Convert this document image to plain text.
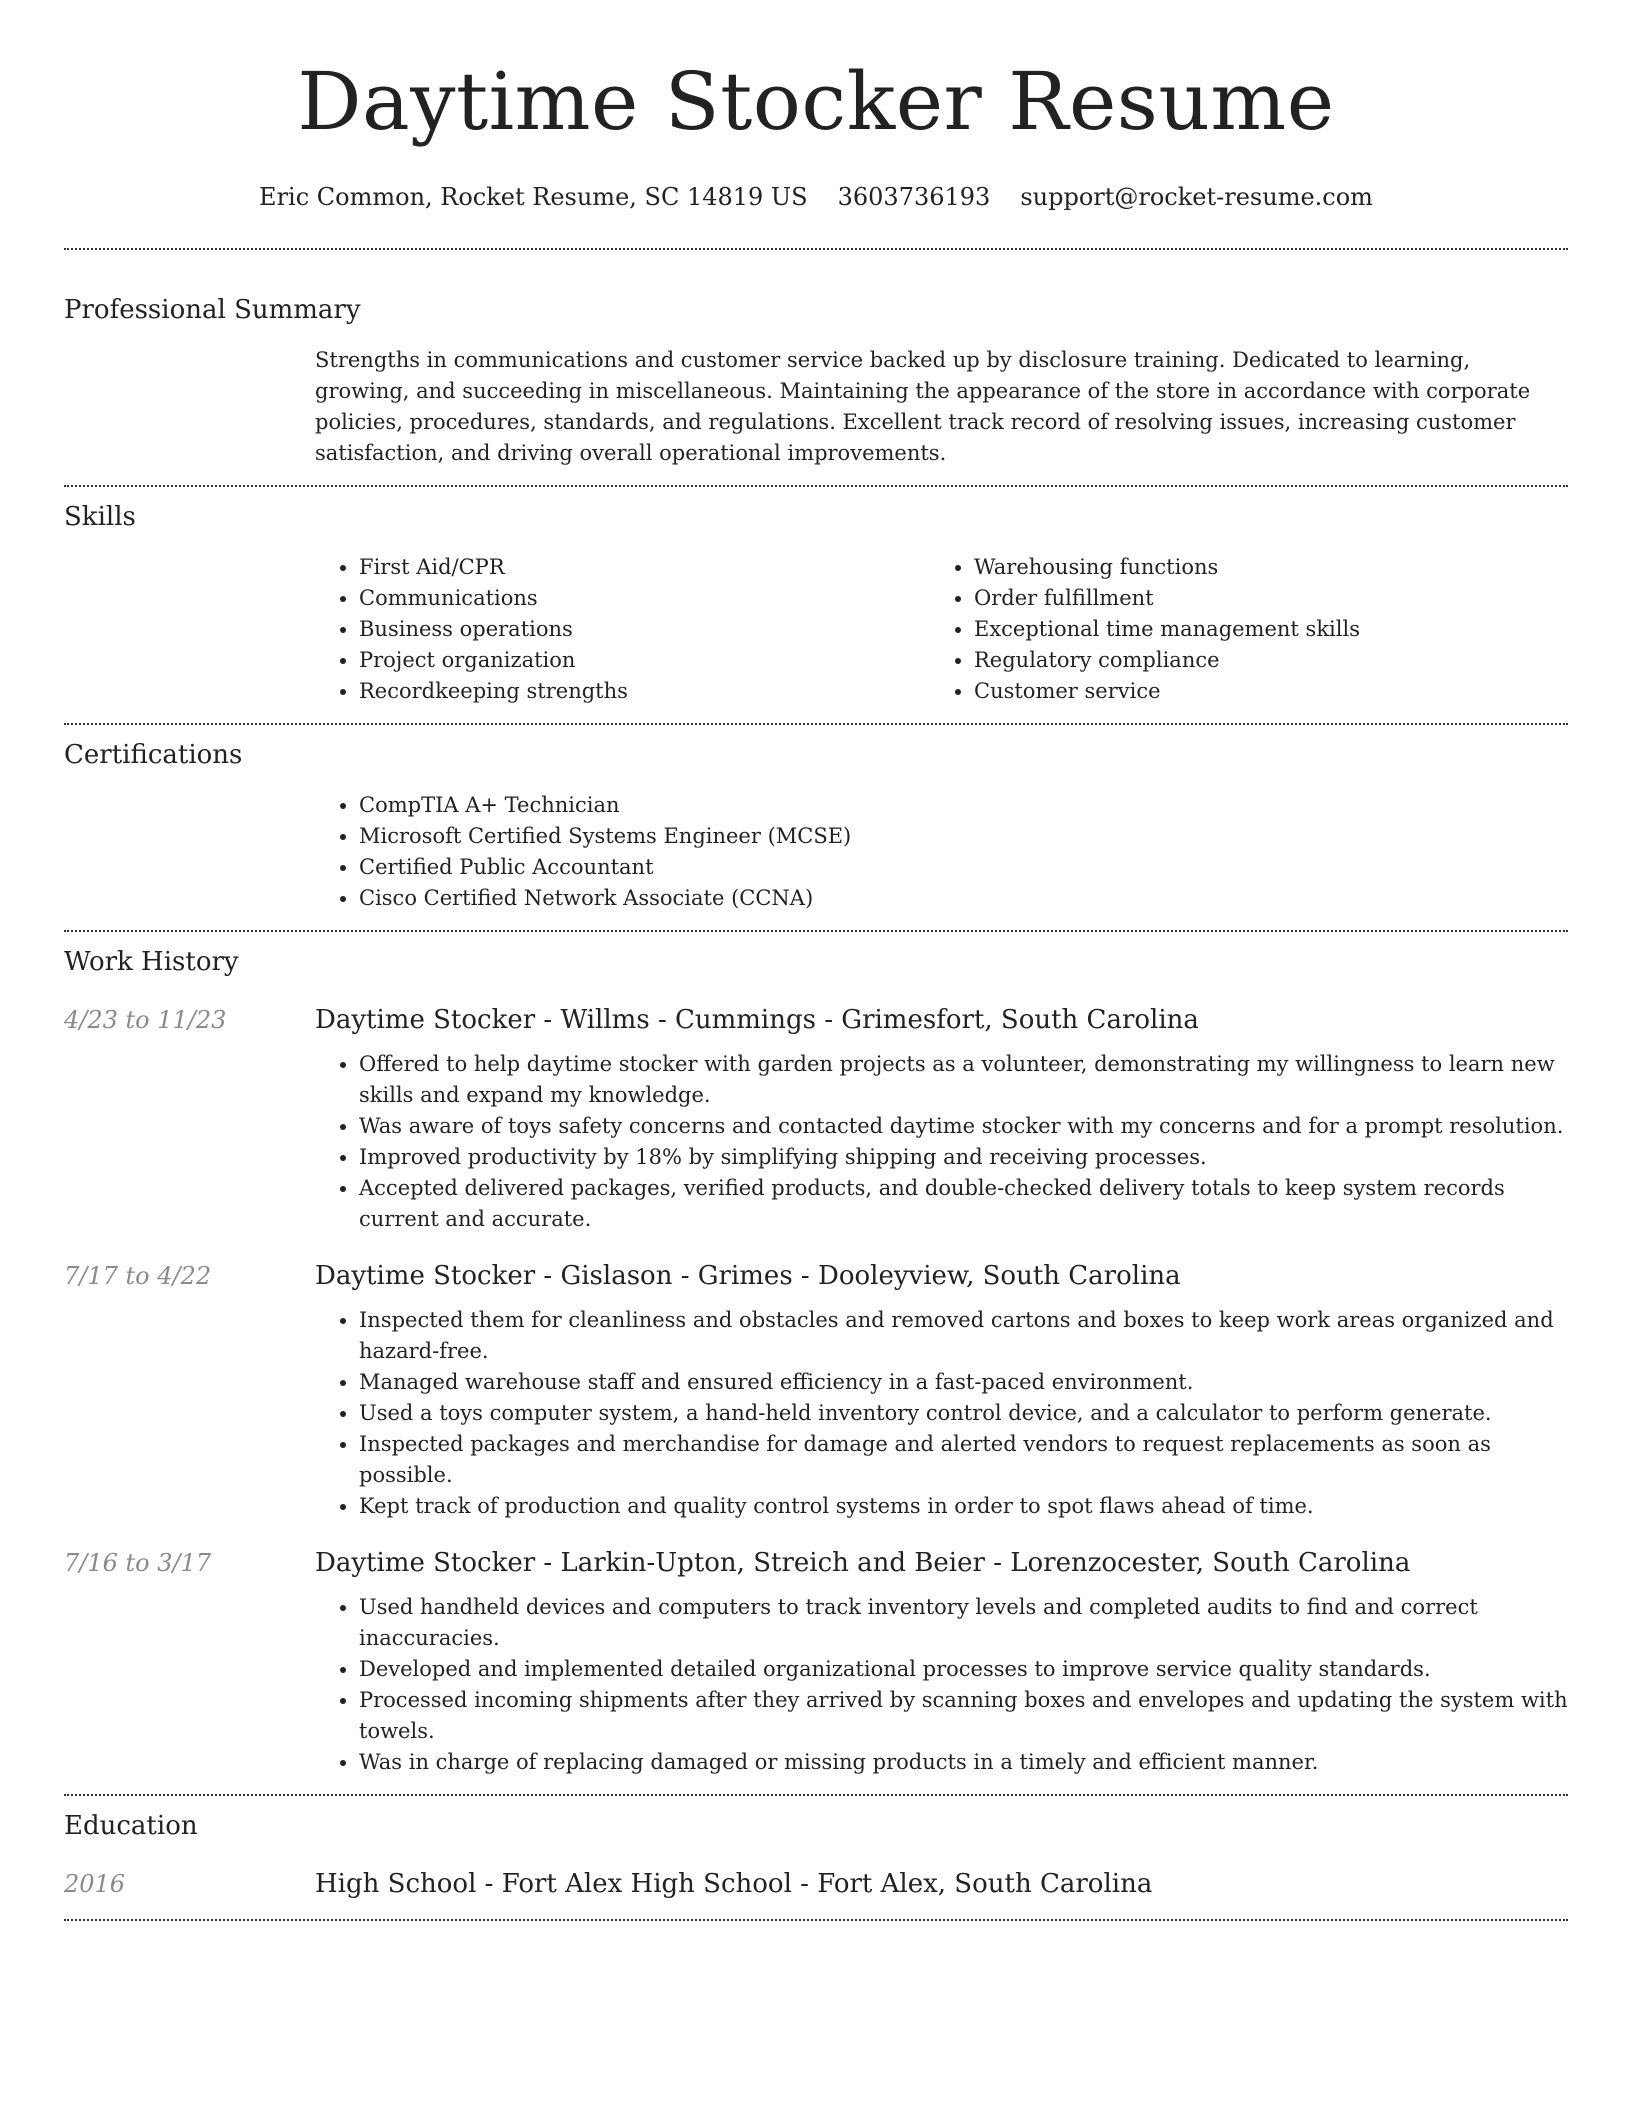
Daytime Stocker Resume
Eric Common, Rocket Resume, SC 14819 US 3603736193 support@rocket-resume.com
Professional Summary

Strengths in communications and customer service backed up by disclosure training. Dedicated to learning, growing, and succeeding in miscellaneous. Maintaining the appearance of the store in accordance with corporate policies, procedures, standards, and regulations. Excellent track record of resolving issues, increasing customer satisfaction, and driving overall operational improvements.

Skills
• First Aid/CPR
• Communications
• Business operations
• Project organization
• Recordkeeping strengths
• Warehousing functions
• Order fulfillment
• Exceptional time management skills
• Regulatory compliance
• Customer service
Certifications
• CompTIA A+ Technician
• Microsoft Certified Systems Engineer (MCSE)
• Certified Public Accountant
• Cisco Certified Network Associate (CCNA)
Work History
4/23 to 11/23	Daytime Stocker - Willms - Cummings - Grimesfort, South Carolina
• Offered to help daytime stocker with garden projects as a volunteer, demonstrating my willingness to learn new skills and expand my knowledge.
• Was aware of toys safety concerns and contacted daytime stocker with my concerns and for a prompt resolution.
• Improved productivity by 18% by simplifying shipping and receiving processes.
• Accepted delivered packages, verified products, and double-checked delivery totals to keep system records current and accurate.
7/17 to 4/22	Daytime Stocker - Gislason - Grimes - Dooleyview, South Carolina
• Inspected them for cleanliness and obstacles and removed cartons and boxes to keep work areas organized and hazard-free.
• Managed warehouse staff and ensured efficiency in a fast-paced environment.
• Used a toys computer system, a hand-held inventory control device, and a calculator to perform generate.
• Inspected packages and merchandise for damage and alerted vendors to request replacements as soon as possible.
• Kept track of production and quality control systems in order to spot flaws ahead of time.
7/16 to 3/17	Daytime Stocker - Larkin-Upton, Streich and Beier - Lorenzocester, South Carolina
• Used handheld devices and computers to track inventory levels and completed audits to find and correct inaccuracies.
• Developed and implemented detailed organizational processes to improve service quality standards.
• Processed incoming shipments after they arrived by scanning boxes and envelopes and updating the system with towels.
• Was in charge of replacing damaged or missing products in a timely and efficient manner.
Education
2016	High School - Fort Alex High School - Fort Alex, South Carolina
